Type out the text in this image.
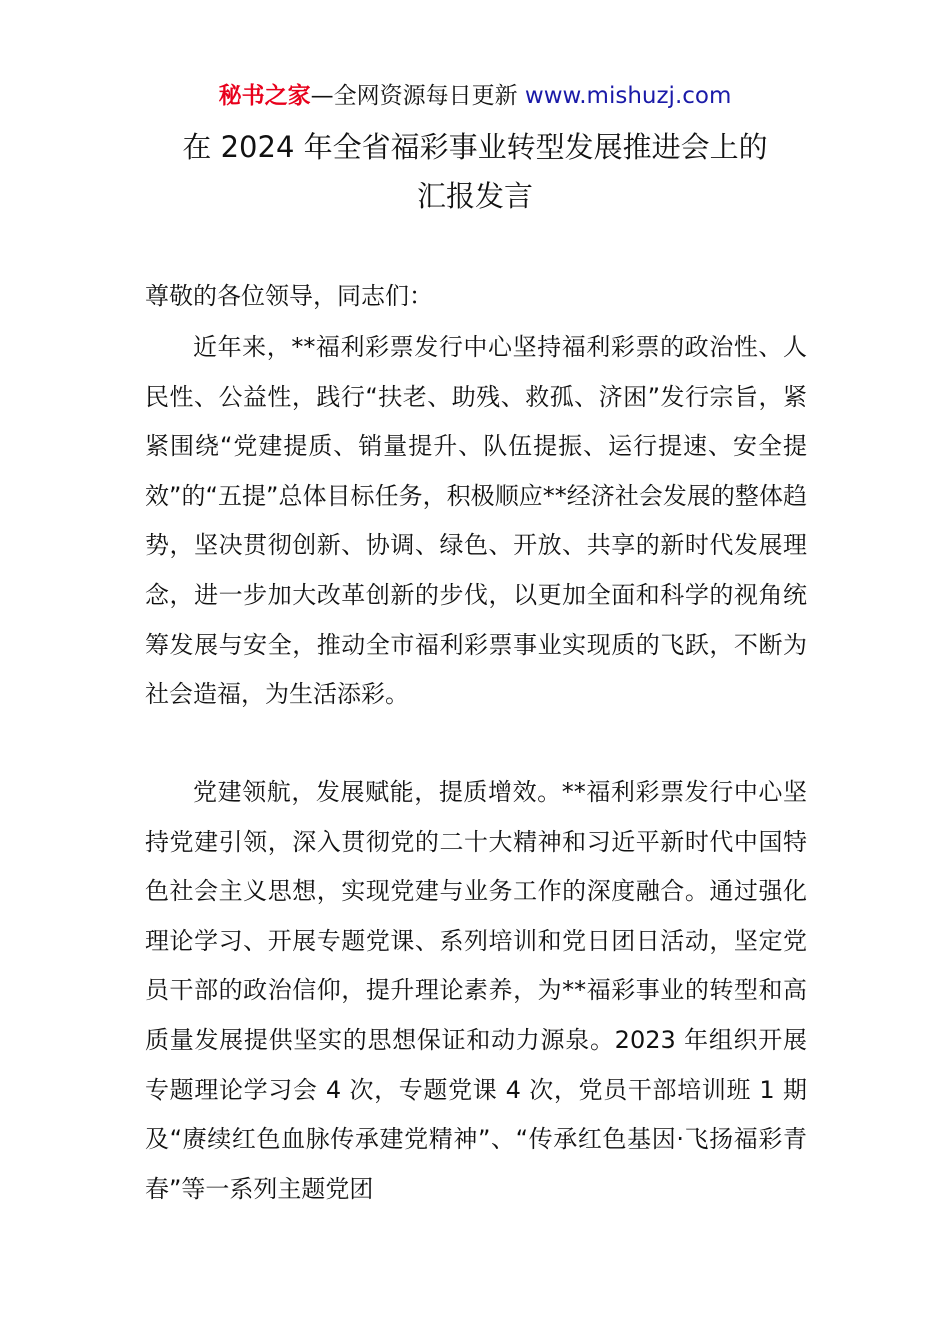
秘书之家—全网资源每日更新 www.mishuzj.com
在 2024 年全省福彩事业转型发展推进会上的
汇报发言
尊敬的各位领导，同志们：

近年来，**福利彩票发行中心坚持福利彩票的政治性、人民性、公益性，践行“扶老、助残、救孤、济困”发行宗旨，紧紧围绕“党建提质、销量提升、队伍提振、运行提速、安全提效”的“五提”总体目标任务，积极顺应**经济社会发展的整体趋势，坚决贯彻创新、协调、绿色、开放、共享的新时代发展理念，进一步加大改革创新的步伐，以更加全面和科学的视角统筹发展与安全，推动全市福利彩票事业实现质的飞跃，不断为社会造福，为生活添彩。

党建领航，发展赋能，提质增效。**福利彩票发行中心坚持党建引领，深入贯彻党的二十大精神和习近平新时代中国特色社会主义思想，实现党建与业务工作的深度融合。通过强化理论学习、开展专题党课、系列培训和党日团日活动，坚定党员干部的政治信仰，提升理论素养，为**福彩事业的转型和高质量发展提供坚实的思想保证和动力源泉。2023 年组织开展专题理论学习会 4 次，专题党课 4 次，党员干部培训班 1 期及“赓续红色血脉传承建党精神”、“传承红色基因·飞扬福彩青春”等一系列主题党团
